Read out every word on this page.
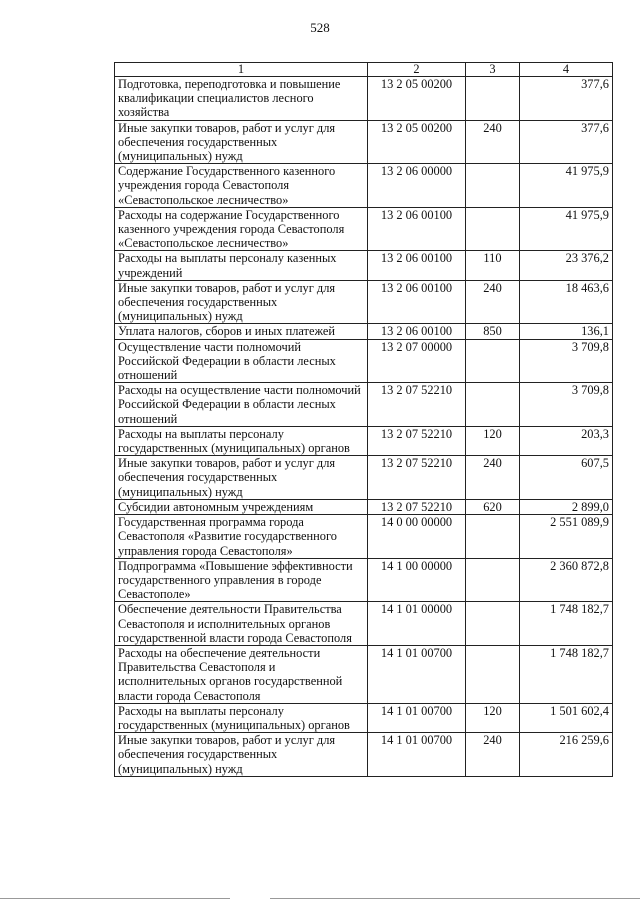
528
1	2	3	4
Подготовка, переподготовка и повышение квалификации специалистов лесного хозяйства	13 2 05 00200		377,6
Иные закупки товаров, работ и услуг для обеспечения государственных (муниципальных) нужд	13 2 05 00200	240	377,6
Содержание Государственного казенного учреждения города Севастополя «Севастопольское лесничество»	13 2 06 00000		41 975,9
Расходы на содержание Государственного казенного учреждения города Севастополя «Севастопольское лесничество»	13 2 06 00100		41 975,9
Расходы на выплаты персоналу казенных учреждений	13 2 06 00100	110	23 376,2
Иные закупки товаров, работ и услуг для обеспечения государственных (муниципальных) нужд	13 2 06 00100	240	18 463,6
Уплата налогов, сборов и иных платежей	13 2 06 00100	850	136,1
Осуществление части полномочий Российской Федерации в области лесных отношений	13 2 07 00000		3 709,8
Расходы на осуществление части полномочий Российской Федерации в области лесных отношений	13 2 07 52210		3 709,8
Расходы на выплаты персоналу государственных (муниципальных) органов	13 2 07 52210	120	203,3
Иные закупки товаров, работ и услуг для обеспечения государственных (муниципальных) нужд	13 2 07 52210	240	607,5
Субсидии автономным учреждениям	13 2 07 52210	620	2 899,0
Государственная программа города Севастополя «Развитие государственного управления города Севастополя»	14 0 00 00000		2 551 089,9
Подпрограмма «Повышение эффективности государственного управления в городе Севастополе»	14 1 00 00000		2 360 872,8
Обеспечение деятельности Правительства Севастополя и исполнительных органов государственной власти города Севастополя	14 1 01 00000		1 748 182,7
Расходы на обеспечение деятельности Правительства Севастополя и исполнительных органов государственной власти города Севастополя	14 1 01 00700		1 748 182,7
Расходы на выплаты персоналу государственных (муниципальных) органов	14 1 01 00700	120	1 501 602,4
Иные закупки товаров, работ и услуг для обеспечения государственных (муниципальных) нужд	14 1 01 00700	240	216 259,6
